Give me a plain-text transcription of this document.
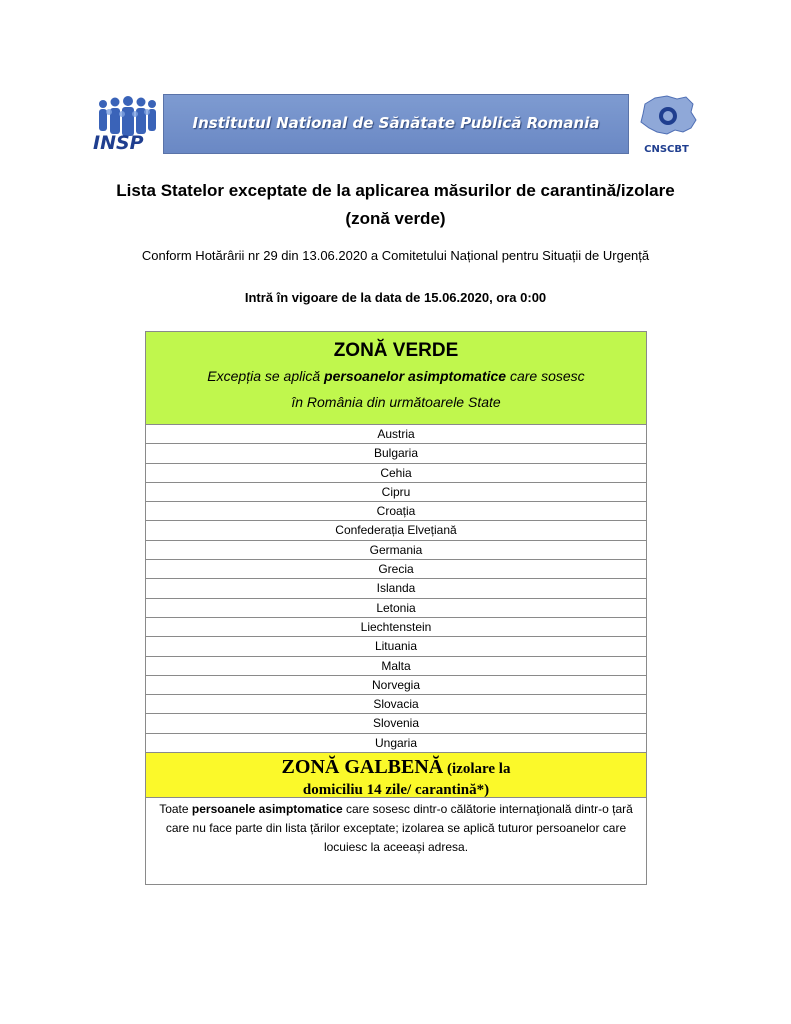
INSP
Institutul National de Sănătate Publică Romania
CNSCBT
Lista Statelor exceptate de la aplicarea măsurilor de carantină/izolare
(zonă verde)
Conform Hotărârii nr 29 din 13.06.2020 a Comitetului Național pentru Situații de Urgență
Intră în vigoare de la data de 15.06.2020, ora 0:00
ZONĂ VERDE
Excepția se aplică persoanelor asimptomatice care sosesc în România din următoarele State
Austria
Bulgaria
Cehia
Cipru
Croația
Confederația Elvețiană
Germania
Grecia
Islanda
Letonia
Liechtenstein
Lituania
Malta
Norvegia
Slovacia
Slovenia
Ungaria
ZONĂ GALBENĂ (izolare la
domiciliu 14 zile/ carantină*)
Toate persoanele asimptomatice care sosesc dintr-o călătorie internaţională dintr-o țară care nu face parte din lista țărilor exceptate; izolarea se aplică tuturor persoanelor care locuiesc la aceeași adresa.
